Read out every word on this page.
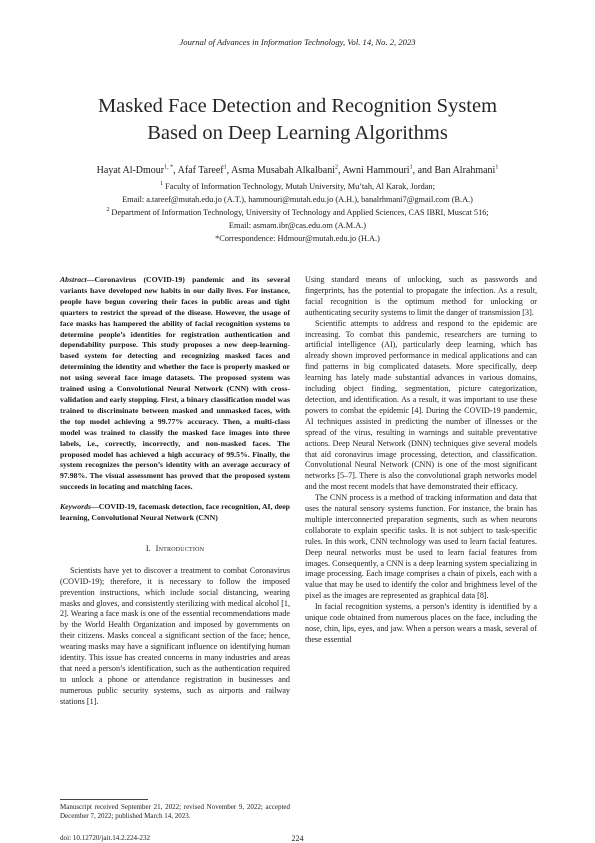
Journal of Advances in Information Technology, Vol. 14, No. 2, 2023
Masked Face Detection and Recognition System
Based on Deep Learning Algorithms
Hayat Al-Dmour$^{1, *}$, Afaf Tareef$^1$, Asma Musabah Alkalbani$^2$, Awni Hammouri$^1$, and Ban Alrahmani$^1$
$^1$ Faculty of Information Technology, Mutah University, Mu’tah, Al Karak, Jordan;
Email: a.tareef@mutah.edu.jo (A.T.), hammouri@mutah.edu.jo (A.H.), banalrhmani7@gmail.com (B.A.)
$^2$ Department of Information Technology, University of Technology and Applied Sciences, CAS IBRI, Muscat 516;
Email: asmam.ibr@cas.edu.om (A.M.A.)
*Correspondence: Hdmour@mutah.edu.jo (H.A.)

Abstract—Coronavirus (COVID-19) pandemic and its several variants have developed new habits in our daily lives. For instance, people have begun covering their faces in public areas and tight quarters to restrict the spread of the disease. However, the usage of face masks has hampered the ability of facial recognition systems to determine people’s identities for registration authentication and dependability purpose. This study proposes a new deep-learning-based system for detecting and recognizing masked faces and determining the identity and whether the face is properly masked or not using several face image datasets. The proposed system was trained using a Convolutional Neural Network (CNN) with cross-validation and early stopping. First, a binary classification model was trained to discriminate between masked and unmasked faces, with the top model achieving a 99.77% accuracy. Then, a multi-class model was trained to classify the masked face images into three labels, i.e., correctly, incorrectly, and non-masked faces. The proposed model has achieved a high accuracy of 99.5%. Finally, the system recognizes the person’s identity with an average accuracy of 97.98%. The visual assessment has proved that the proposed system succeeds in locating and matching faces.

Keywords—COVID-19, facemask detection, face recognition, AI, deep learning, Convolutional Neural Network (CNN)

I. Introduction

Scientists have yet to discover a treatment to combat Coronavirus (COVID-19); therefore, it is necessary to follow the imposed prevention instructions, which include social distancing, wearing masks and gloves, and consistently sterilizing with medical alcohol [1, 2]. Wearing a face mask is one of the essential recommendations made by the World Health Organization and imposed by governments on their citizens. Masks conceal a significant section of the face; hence, wearing masks may have a significant influence on identifying human identity. This issue has created concerns in many industries and areas that need a person’s identification, such as the authentication required to unlock a phone or attendance registration in businesses and numerous public security systems, such as airports and railway stations [1].

Using standard means of unlocking, such as passwords and fingerprints, has the potential to propagate the infection. As a result, facial recognition is the optimum method for unlocking or authenticating security systems to limit the danger of transmission [3].

Scientific attempts to address and respond to the epidemic are increasing. To combat this pandemic, researchers are turning to artificial intelligence (AI), particularly deep learning, which has already shown improved performance in medical applications and can find patterns in big complicated datasets. More specifically, deep learning has lately made substantial advances in various domains, including object finding, segmentation, picture categorization, detection, and identification. As a result, it was important to use these powers to combat the epidemic [4]. During the COVID-19 pandemic, AI techniques assisted in predicting the number of illnesses or the spread of the virus, resulting in warnings and suitable preventative actions. Deep Neural Network (DNN) techniques give several models that aid coronavirus image processing, detection, and classification. Convolutional Neural Network (CNN) is one of the most significant networks [5–7]. There is also the convolutional graph networks model and the most recent models that have demonstrated their efficacy.

The CNN process is a method of tracking information and data that uses the natural sensory systems function. For instance, the brain has multiple interconnected preparation segments, such as when neurons collaborate to explain specific tasks. It is not subject to task-specific rules. In this work, CNN technology was used to learn facial features. Deep neural networks must be used to learn facial features from images. Consequently, a CNN is a deep learning system specializing in image processing. Each image comprises a chain of pixels, each with a value that may be used to identify the color and brightness level of the pixel as the images are represented as graphical data [8].

In facial recognition systems, a person’s identity is identified by a unique code obtained from numerous places on the face, including the nose, chin, lips, eyes, and jaw. When a person wears a mask, several of these essential

Manuscript received September 21, 2022; revised November 9, 2022; accepted December 7, 2022; published March 14, 2023.
doi: 10.12720/jait.14.2.224-232	224
